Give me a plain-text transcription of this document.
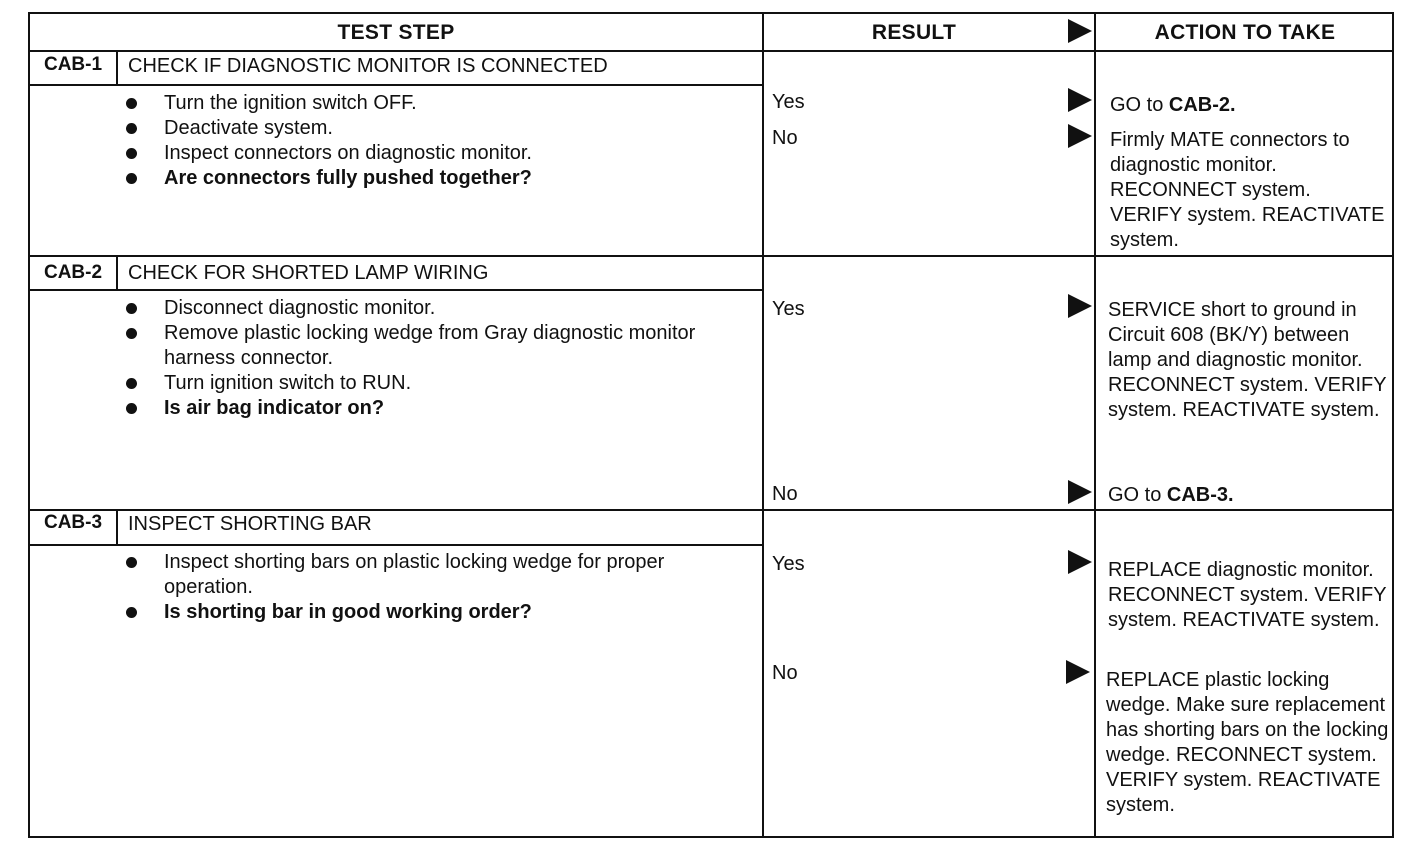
TEST STEP	RESULT	ACTION TO TAKE
CAB-1	CHECK IF DIAGNOSTIC MONITOR IS CONNECTED
Turn the ignition switch OFF.
Deactivate system.
Inspect connectors on diagnostic monitor.
Are connectors fully pushed together?
Yes	GO to CAB-2.
No	Firmly MATE connectors to diagnostic monitor. RECONNECT system. VERIFY system. REACTIVATE system.
CAB-2	CHECK FOR SHORTED LAMP WIRING
Disconnect diagnostic monitor.
Remove plastic locking wedge from Gray diagnostic monitor harness connector.
Turn ignition switch to RUN.
Is air bag indicator on?
Yes	SERVICE short to ground in Circuit 608 (BK/Y) between lamp and diagnostic monitor. RECONNECT system. VERIFY system. REACTIVATE system.
No	GO to CAB-3.
CAB-3	INSPECT SHORTING BAR
Inspect shorting bars on plastic locking wedge for proper operation.
Is shorting bar in good working order?
Yes	REPLACE diagnostic monitor. RECONNECT system. VERIFY system. REACTIVATE system.
No	REPLACE plastic locking wedge. Make sure replacement has shorting bars on the locking wedge. RECONNECT system. VERIFY system. REACTIVATE system.
